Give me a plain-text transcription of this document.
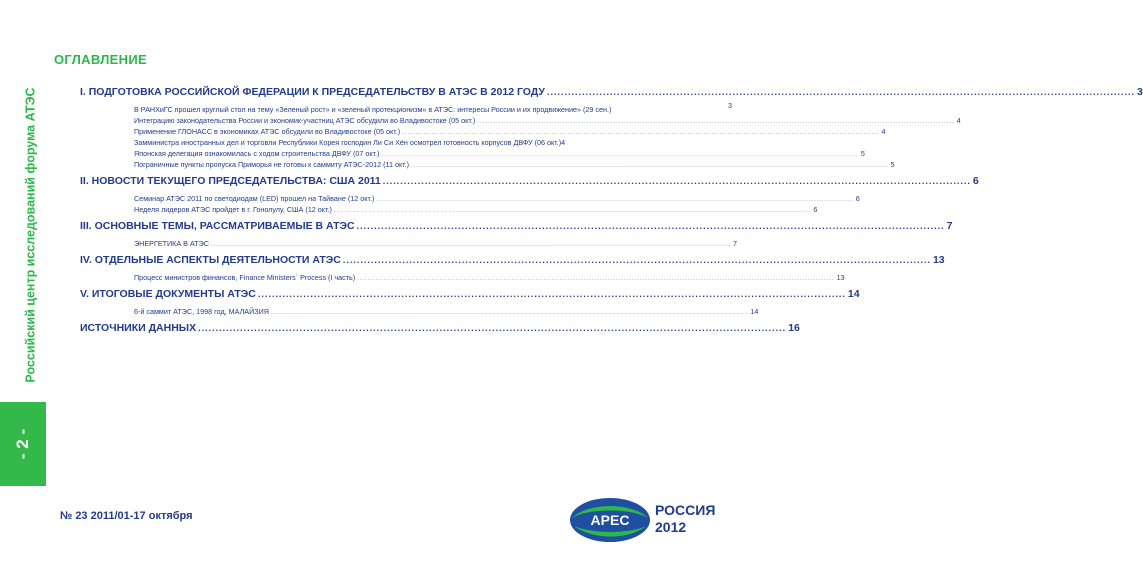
Российский центр исследований форума АТЭС
- 2 -
ОГЛАВЛЕНИЕ
I. ПОДГОТОВКА РОССИЙСКОЙ ФЕДЕРАЦИИ К ПРЕДСЕДАТЕЛЬСТВУ В АТЭС В 2012 ГОДУ ........................................................................................................................................................................ 3
В РАНХиГС прошел круглый стол на тему «Зеленый рост» и «зеленый протекционизм» в АТЭС: интересы России и их продвижение» (29 сен.)
Интеграцию законодательства России и экономик-участниц АТЭС обсудили во Владивостоке (05 окт.) ................................................................................................................................................................................... 4
Применение ГЛОНАСС в экономиках АТЭС обсудили во Владивостоке (05 окт.) ................................................................................................................................................................................... 4
Замминистра иностранных дел и торговли Республики Корея господин Ли Си Хён осмотрел готовность корпусов ДВФУ (06 окт.) 4
Японская делегация ознакомилась с ходом строительства ДВФУ (07 окт.) ................................................................................................................................................................................... 5
Пограничные пункты пропуска Приморья не готовы к саммиту АТЭС-2012 (11 окт.) ................................................................................................................................................................................... 5
II. НОВОСТИ ТЕКУЩЕГО ПРЕДСЕДАТЕЛЬСТВА: США 2011 ........................................................................................................................................................................ 6
Семинар АТЭС 2011 по светодиодам (LED) прошел на Тайване (12 окт.) ................................................................................................................................................................................... 6
Неделя лидеров АТЭС пройдет в г. Гонолулу, США (12 окт.) ................................................................................................................................................................................... 6
III. ОСНОВНЫЕ ТЕМЫ, РАССМАТРИВАЕМЫЕ В АТЭС ........................................................................................................................................................................ 7
ЭНЕРГЕТИКА В АТЭС ................................................................................................................................................................................................... 7
IV. ОТДЕЛЬНЫЕ АСПЕКТЫ ДЕЯТЕЛЬНОСТИ АТЭС ........................................................................................................................................................................ 13
Процесс министров финансов, Finance Ministers` Process (I часть) ................................................................................................................................................................................... 13
V. ИТОГОВЫЕ ДОКУМЕНТЫ АТЭС ........................................................................................................................................................................ 14
6-й саммит АТЭС, 1998 год, МАЛАЙЗИЯ ................................................................................................................................................................................... 14
ИСТОЧНИКИ ДАННЫХ ........................................................................................................................................................................ 16
3
№ 23 2011/01-17 октября	APEC
РОССИЯ
2012
